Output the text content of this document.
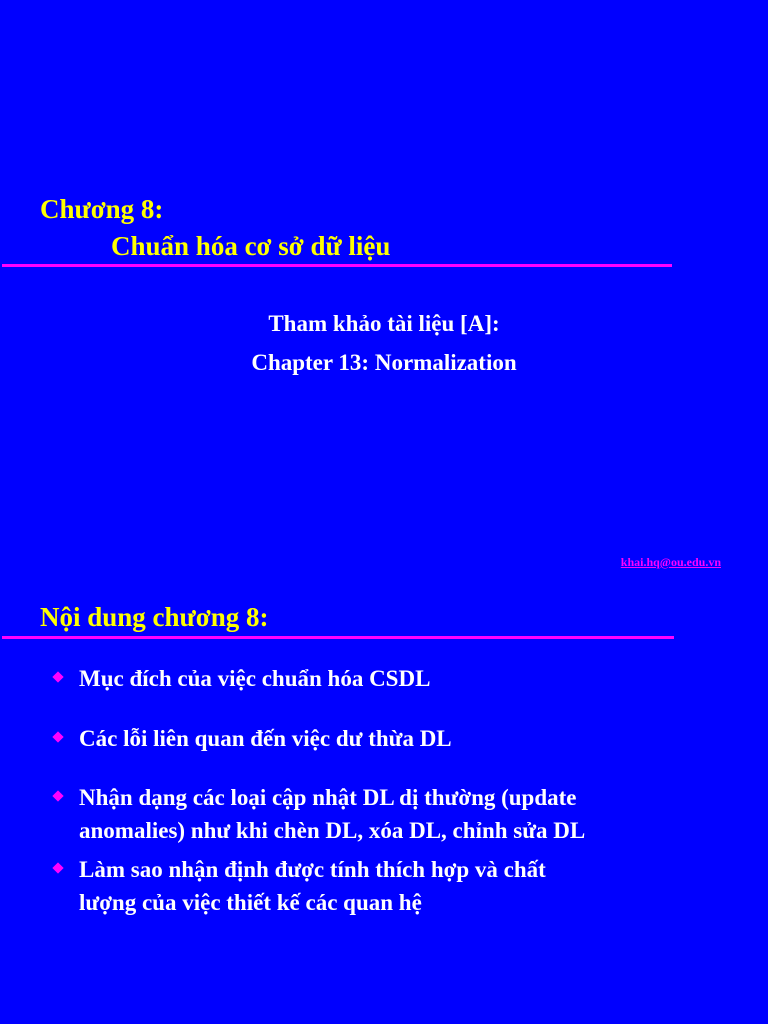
Chương 8:
Chuẩn hóa cơ sở dữ liệu
Tham khảo tài liệu [A]:
Chapter 13: Normalization
khai.hq@ou.edu.vn
Nội dung chương 8:
Mục đích của việc chuẩn hóa CSDL
Các lỗi liên quan đến việc dư thừa DL
Nhận dạng các loại cập nhật DL dị thường (update
anomalies) như khi chèn DL, xóa DL, chỉnh sửa DL
Làm sao nhận định được tính thích hợp và chất
lượng của việc thiết kế các quan hệ
